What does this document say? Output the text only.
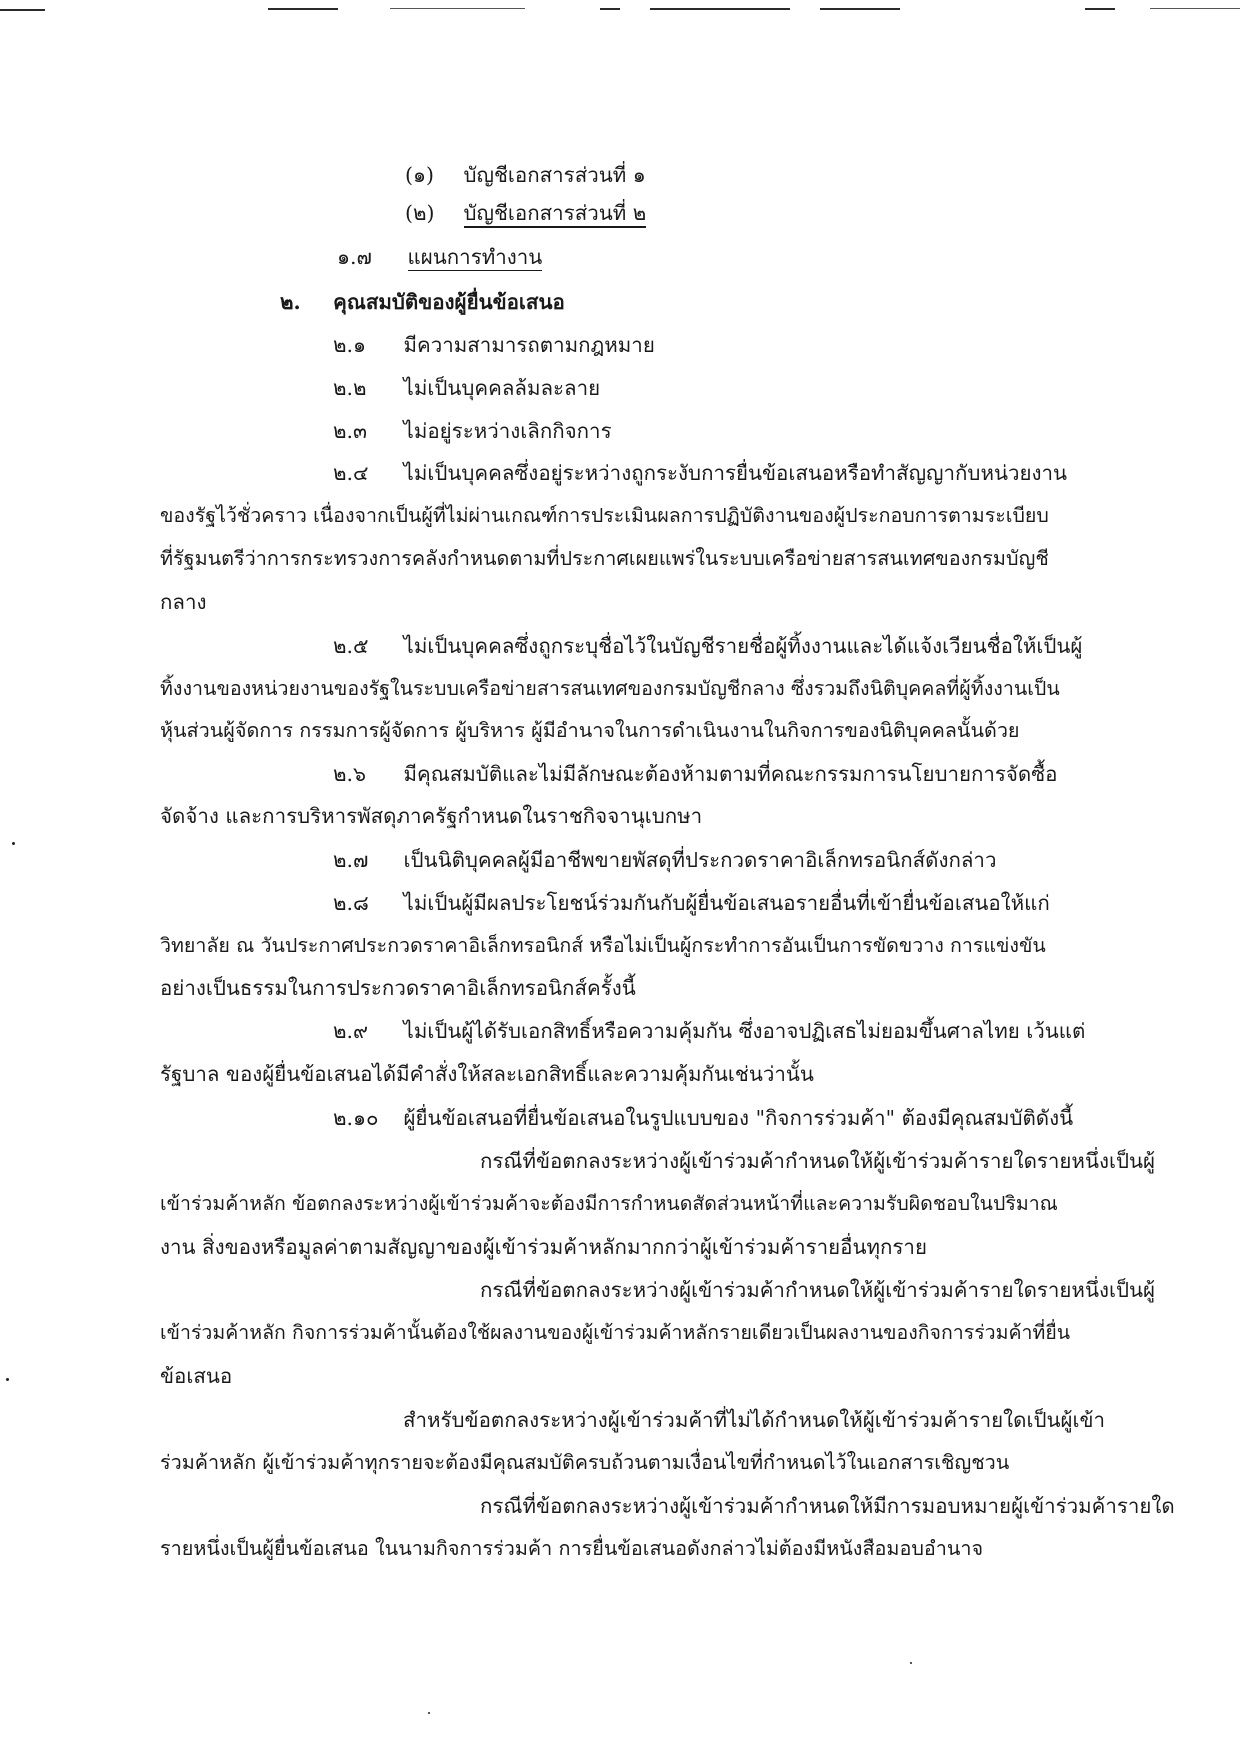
(๑) บัญชีเอกสารส่วนที่ ๑
(๒) บัญชีเอกสารส่วนที่ ๒
๑.๗ แผนการทำงาน
๒. คุณสมบัติของผู้ยื่นข้อเสนอ
๒.๑ มีความสามารถตามกฎหมาย
๒.๒ ไม่เป็นบุคคลล้มละลาย
๒.๓ ไม่อยู่ระหว่างเลิกกิจการ
๒.๔ ไม่เป็นบุคคลซึ่งอยู่ระหว่างถูกระงับการยื่นข้อเสนอหรือทำสัญญากับหน่วยงาน
ของรัฐไว้ชั่วคราว เนื่องจากเป็นผู้ที่ไม่ผ่านเกณฑ์การประเมินผลการปฏิบัติงานของผู้ประกอบการตามระเบียบ
ที่รัฐมนตรีว่าการกระทรวงการคลังกำหนดตามที่ประกาศเผยแพร่ในระบบเครือข่ายสารสนเทศของกรมบัญชี
กลาง
๒.๕ ไม่เป็นบุคคลซึ่งถูกระบุชื่อไว้ในบัญชีรายชื่อผู้ทิ้งงานและได้แจ้งเวียนชื่อให้เป็นผู้
ทิ้งงานของหน่วยงานของรัฐในระบบเครือข่ายสารสนเทศของกรมบัญชีกลาง ซึ่งรวมถึงนิติบุคคลที่ผู้ทิ้งงานเป็น
หุ้นส่วนผู้จัดการ กรรมการผู้จัดการ ผู้บริหาร ผู้มีอำนาจในการดำเนินงานในกิจการของนิติบุคคลนั้นด้วย
๒.๖ มีคุณสมบัติและไม่มีลักษณะต้องห้ามตามที่คณะกรรมการนโยบายการจัดซื้อ
จัดจ้าง และการบริหารพัสดุภาครัฐกำหนดในราชกิจจานุเบกษา
๒.๗ เป็นนิติบุคคลผู้มีอาชีพขายพัสดุที่ประกวดราคาอิเล็กทรอนิกส์ดังกล่าว
๒.๘ ไม่เป็นผู้มีผลประโยชน์ร่วมกันกับผู้ยื่นข้อเสนอรายอื่นที่เข้ายื่นข้อเสนอให้แก่
วิทยาลัย ณ วันประกาศประกวดราคาอิเล็กทรอนิกส์ หรือไม่เป็นผู้กระทำการอันเป็นการขัดขวาง การแข่งขัน
อย่างเป็นธรรมในการประกวดราคาอิเล็กทรอนิกส์ครั้งนี้
๒.๙ ไม่เป็นผู้ได้รับเอกสิทธิ์หรือความคุ้มกัน ซึ่งอาจปฏิเสธไม่ยอมขึ้นศาลไทย เว้นแต่
รัฐบาล ของผู้ยื่นข้อเสนอได้มีคำสั่งให้สละเอกสิทธิ์และความคุ้มกันเช่นว่านั้น
๒.๑๐ ผู้ยื่นข้อเสนอที่ยื่นข้อเสนอในรูปแบบของ "กิจการร่วมค้า" ต้องมีคุณสมบัติดังนี้
กรณีที่ข้อตกลงระหว่างผู้เข้าร่วมค้ากำหนดให้ผู้เข้าร่วมค้ารายใดรายหนึ่งเป็นผู้
เข้าร่วมค้าหลัก ข้อตกลงระหว่างผู้เข้าร่วมค้าจะต้องมีการกำหนดสัดส่วนหน้าที่และความรับผิดชอบในปริมาณ
งาน สิ่งของหรือมูลค่าตามสัญญาของผู้เข้าร่วมค้าหลักมากกว่าผู้เข้าร่วมค้ารายอื่นทุกราย
กรณีที่ข้อตกลงระหว่างผู้เข้าร่วมค้ากำหนดให้ผู้เข้าร่วมค้ารายใดรายหนึ่งเป็นผู้
เข้าร่วมค้าหลัก กิจการร่วมค้านั้นต้องใช้ผลงานของผู้เข้าร่วมค้าหลักรายเดียวเป็นผลงานของกิจการร่วมค้าที่ยื่น
ข้อเสนอ
สำหรับข้อตกลงระหว่างผู้เข้าร่วมค้าที่ไม่ได้กำหนดให้ผู้เข้าร่วมค้ารายใดเป็นผู้เข้า
ร่วมค้าหลัก ผู้เข้าร่วมค้าทุกรายจะต้องมีคุณสมบัติครบถ้วนตามเงื่อนไขที่กำหนดไว้ในเอกสารเชิญชวน
กรณีที่ข้อตกลงระหว่างผู้เข้าร่วมค้ากำหนดให้มีการมอบหมายผู้เข้าร่วมค้ารายใด
รายหนึ่งเป็นผู้ยื่นข้อเสนอ ในนามกิจการร่วมค้า การยื่นข้อเสนอดังกล่าวไม่ต้องมีหนังสือมอบอำนาจ
